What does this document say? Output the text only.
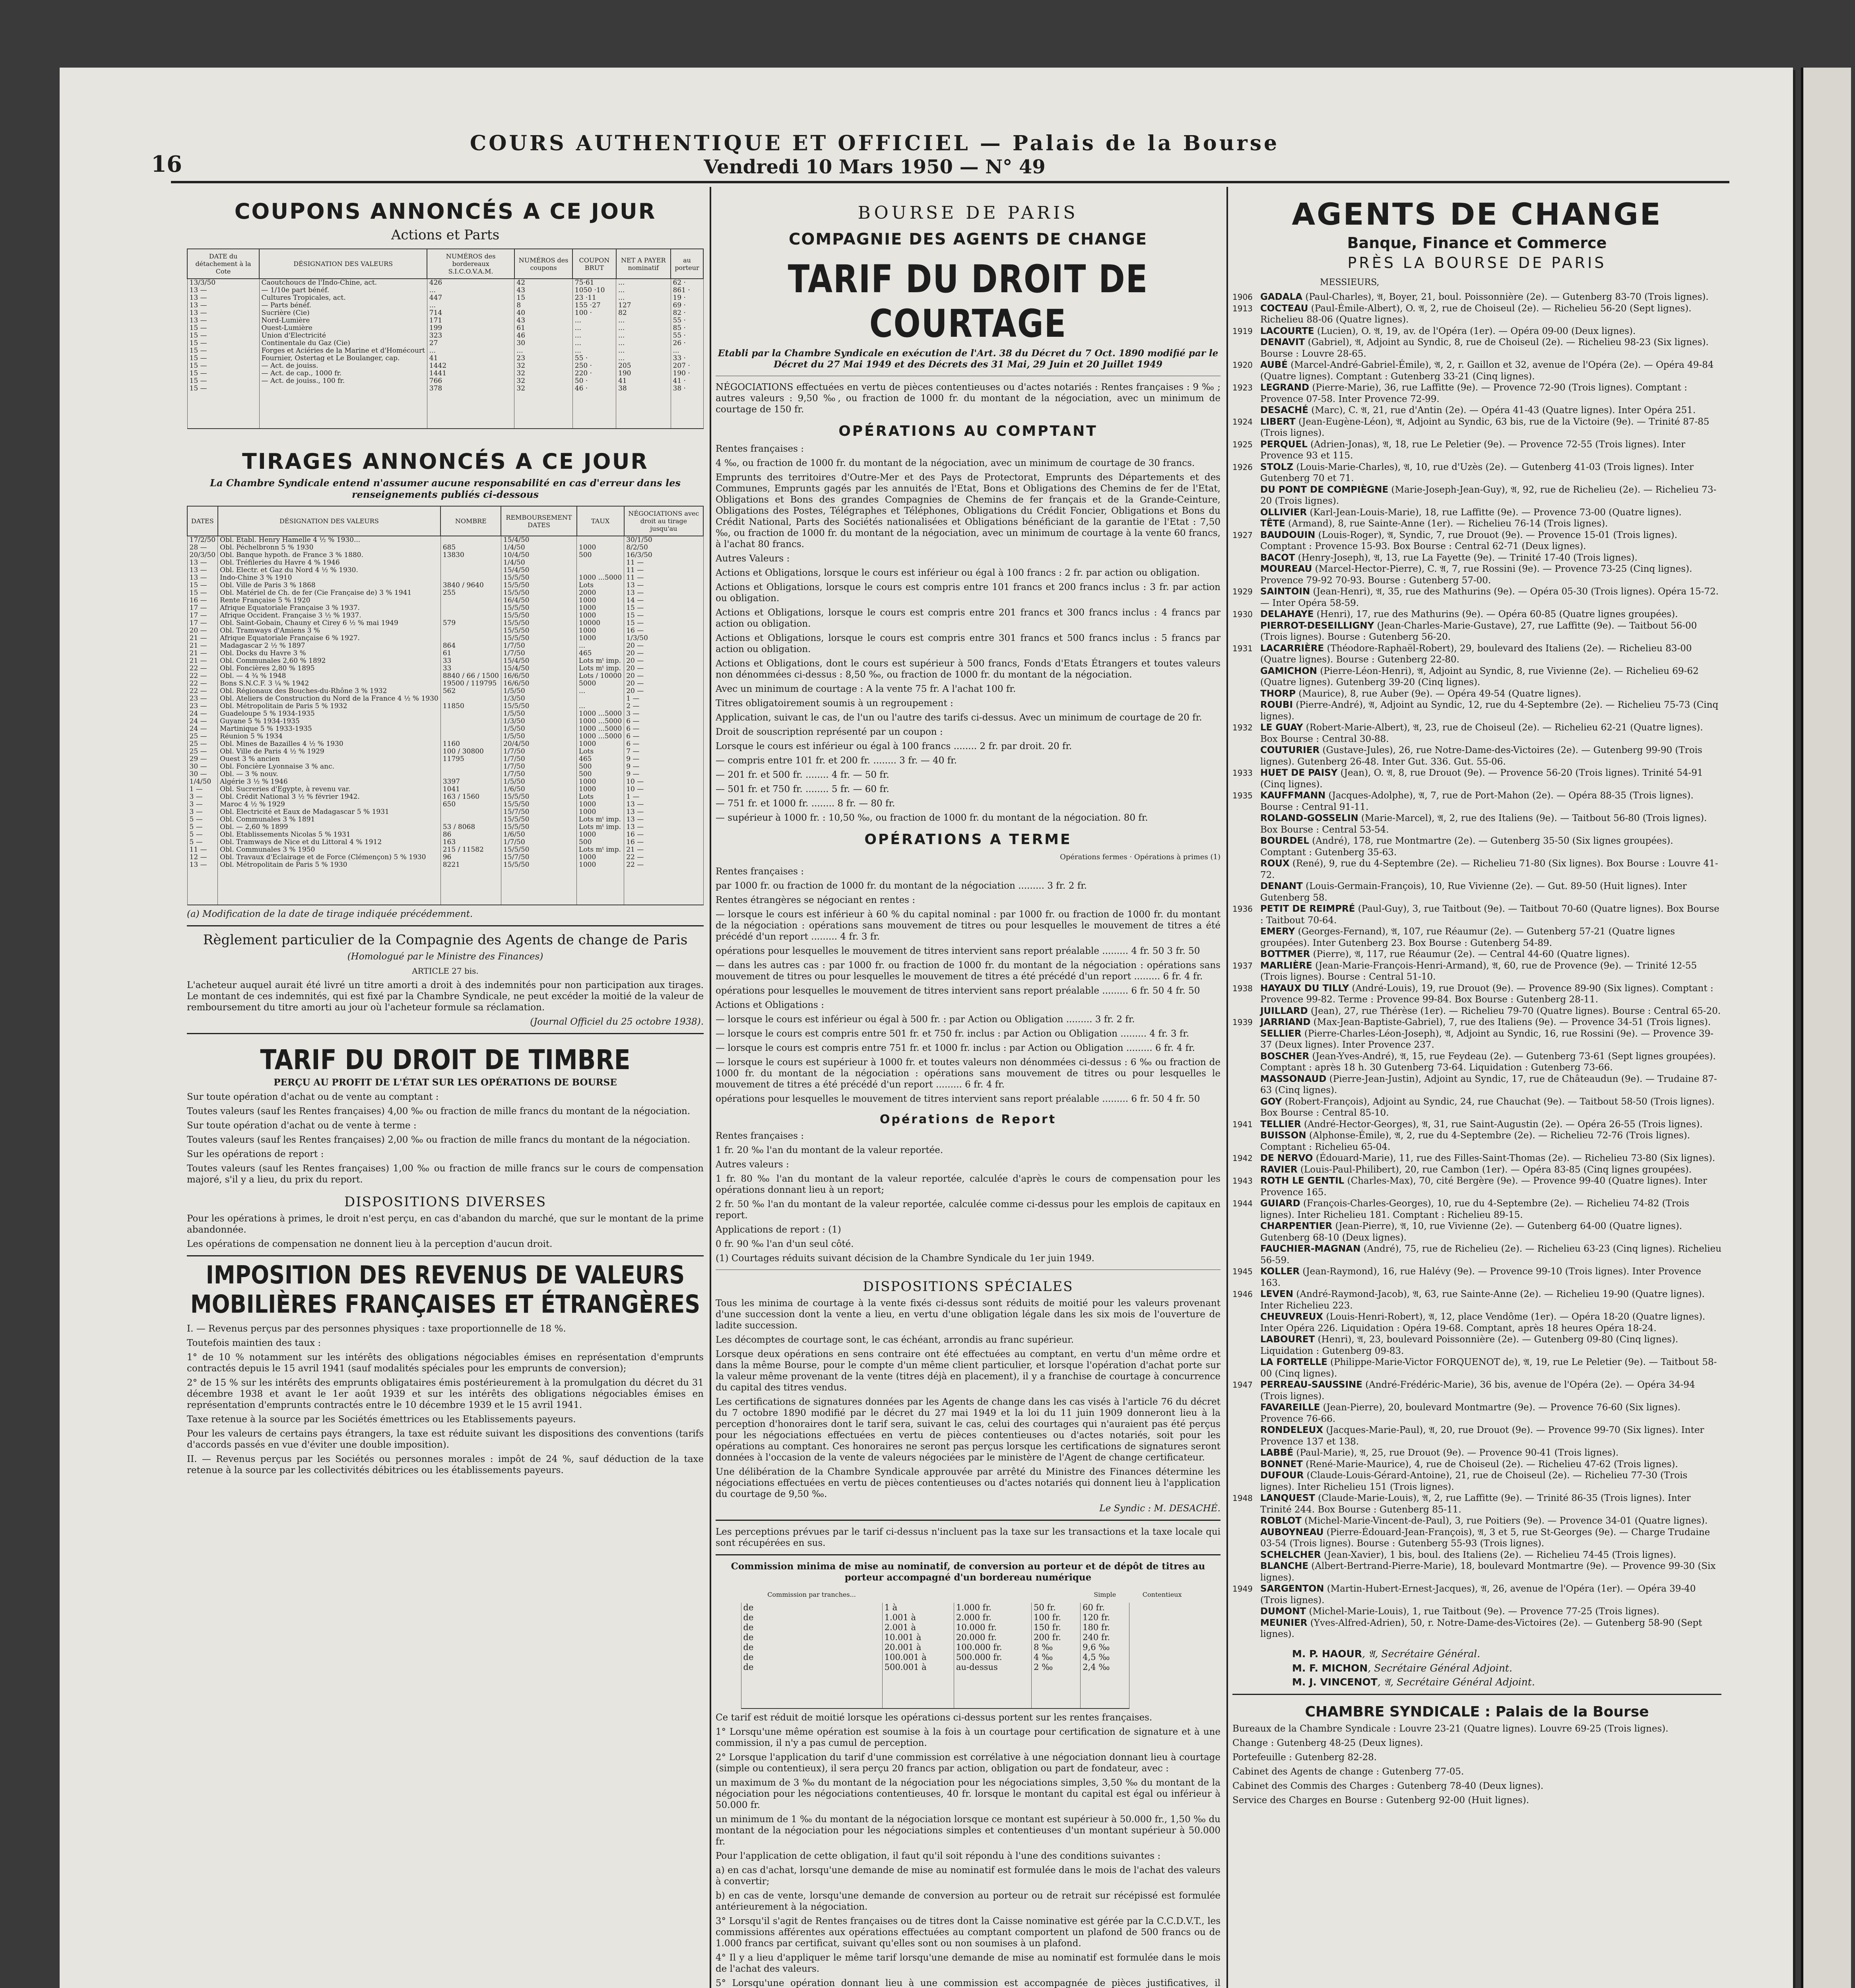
16
COURS AUTHENTIQUE ET OFFICIEL — Palais de la Bourse
Vendredi 10 Mars 1950 — N° 49
COUPONS ANNONCÉS A CE JOUR
Actions et Parts
DATE du détachement à la Cote	DÉSIGNATION DES VALEURS	NUMÉROS des bordereaux S.I.C.O.V.A.M.	NUMÉROS des coupons	COUPON BRUT	NET A PAYER nominatif	au porteur
13/3/50	Caoutchoucs de l'Indo-Chine, act.	426	42	75·61	...	62 ·
13 —	— 1/10e part bénéf.	...	43	1050 ·10	...	861 ·
13 —	Cultures Tropicales, act.	447	15	23 ·11	...	19 ·
13 —	— Parts bénéf.	...	8	155 ·27	127	69 ·
13 —	Sucrière (Cie)	714	40	100 ·	82	82 ·
13 —	Nord-Lumière	171	43	...	...	55 ·
15 —	Ouest-Lumière	199	61	...	...	85 ·
15 —	Union d'Électricité	323	46	...	...	55 ·
15 —	Continentale du Gaz (Cie)	27	30	...	...	26 ·
15 —	Forges et Aciéries de la Marine et d'Homécourt	...	...	...	...	...
15 —	Fournier, Ostertag et Le Boulanger, cap.	41	23	55 ·	...	33 ·
15 —	— Act. de jouiss.	1442	32	250 ·	205	207 ·
15 —	— Act. de cap., 1000 fr.	1441	32	220 ·	190	190 ·
15 —	— Act. de jouiss., 100 fr.	766	32	50 ·	41	41 ·
15 —		378	32	46 ·	38	38 ·
TIRAGES ANNONCÉS A CE JOUR
La Chambre Syndicale entend n'assumer aucune responsabilité en cas d'erreur dans les renseignements publiés ci-dessous
DATES	DÉSIGNATION DES VALEURS	NOMBRE	REMBOURSEMENT DATES	TAUX	NÉGOCIATIONS avec droit au tirage jusqu'au
17/2/50	Obl. Etabl. Henry Hamelle 4 ½ % 1930...		15/4/50		30/1/50
28 —	Obl. Péchelbronn 5 % 1930	685	1/4/50	1000	8/2/50
20/3/50	Obl. Banque hypoth. de France 3 % 1880.	13830	10/4/50	500	16/3/50
13 —	Obl. Tréfileries du Havre 4 % 1946		1/4/50		11 —
13 —	Obl. Electr. et Gaz du Nord 4 ½ % 1930.		15/4/50		11 —
13 —	Indo-Chine 3 % 1910		15/5/50	1000 ...5000	11 —
15 —	Obl. Ville de Paris 3 % 1868	3840 / 9640	15/5/50	Lots	13 —
15 —	Obl. Matériel de Ch. de fer (Cie Française de) 3 % 1941	255	15/5/50	2000	13 —
16 —	Rente Française 5 % 1920		16/4/50	1000	14 —
17 —	Afrique Equatoriale Française 3 % 1937.		15/5/50	1000	15 —
17 —	Afrique Occident. Française 3 ½ % 1937.		15/5/50	1000	15 —
17 —	Obl. Saint-Gobain, Chauny et Cirey 6 ½ % mai 1949	579	15/5/50	10000	15 —
20 —	Obl. Tramways d'Amiens 3 %		15/5/50	1000	16 —
21 —	Afrique Equatoriale Française 6 % 1927.		15/5/50	1000	1/3/50
21 —	Madagascar 2 ½ % 1897	864	1/7/50	...	20 —
21 —	Obl. Docks du Havre 3 %	61	1/7/50	465	20 —
21 —	Obl. Communales 2,60 % 1892	33	15/4/50	Lots mᵗ imp.	20 —
22 —	Obl. Foncières 2,80 % 1895	33	15/4/50	Lots mᵗ imp.	20 —
22 —	Obl. — 4 ¾ % 1948	8840 / 66 / 1500	16/6/50	Lots / 10000	20 —
22 —	Bons S.N.C.F. 3 ¼ % 1942	19500 / 119795	16/6/50	5000	20 —
22 —	Obl. Régionaux des Bouches-du-Rhône 3 % 1932	562	1/5/50	...	20 —
23 —	Obl. Ateliers de Construction du Nord de la France 4 ½ % 1930		1/3/50		1 —
23 —	Obl. Métropolitain de Paris 5 % 1932	11850	15/5/50	...	2 —
24 —	Guadeloupe 5 % 1934-1935		1/5/50	1000 ...5000	3 —
24 —	Guyane 5 % 1934-1935		1/3/50	1000 ...5000	6 —
24 —	Martinique 5 % 1933-1935		1/5/50	1000 ...5000	6 —
25 —	Réunion 5 % 1934		1/5/50	1000 ...5000	6 —
25 —	Obl. Mines de Bazailles 4 ½ % 1930	1160	20/4/50	1000	6 —
25 —	Obl. Ville de Paris 4 ½ % 1929	100 / 30800	1/7/50	Lots	7 —
29 —	Ouest 3 % ancien	11795	1/7/50	465	9 —
30 —	Obl. Foncière Lyonnaise 3 % anc.		1/7/50	500	9 —
30 —	Obl. — 3 % nouv.		1/7/50	500	9 —
1/4/50	Algérie 3 ½ % 1946	3397	1/5/50	1000	10 —
1 —	Obl. Sucreries d'Egypte, à revenu var.	1041	1/6/50	1000	10 —
3 —	Obl. Crédit National 3 ½ % février 1942.	163 / 1560	15/5/50	Lots	1 —
3 —	Maroc 4 ½ % 1929	650	15/5/50	1000	13 —
3 —	Obl. Electricité et Eaux de Madagascar 5 % 1931		15/7/50	1000	13 —
5 —	Obl. Communales 3 % 1891		15/5/50	Lots mᵗ imp.	13 —
5 —	Obl. — 2,60 % 1899	53 / 8068	15/5/50	Lots mᵗ imp.	13 —
5 —	Obl. Etablissements Nicolas 5 % 1931	86	1/6/50	1000	16 —
5 —	Obl. Tramways de Nice et du Littoral 4 % 1912	163	1/7/50	500	16 —
11 —	Obl. Communales 3 % 1950	215 / 11582	15/5/50	Lots mᵗ imp.	21 —
12 —	Obl. Travaux d'Eclairage et de Force (Clémençon) 5 % 1930	96	15/7/50	1000	22 —
13 —	Obl. Métropolitain de Paris 5 % 1930	8221	15/5/50	1000	22 —
(a) Modification de la date de tirage indiquée précédemment.
Règlement particulier de la Compagnie des Agents de change de Paris
(Homologué par le Ministre des Finances)
ARTICLE 27 bis.
L'acheteur auquel aurait été livré un titre amorti a droit à des indemnités pour non participation aux tirages. Le montant de ces indemnités, qui est fixé par la Chambre Syndicale, ne peut excéder la moitié de la valeur de remboursement du titre amorti au jour où l'acheteur formule sa réclamation.
(Journal Officiel du 25 octobre 1938).
TARIF DU DROIT DE TIMBRE
PERÇU AU PROFIT DE L'ÉTAT SUR LES OPÉRATIONS DE BOURSE
Sur toute opération d'achat ou de vente au comptant :
Toutes valeurs (sauf les Rentes françaises) 4,00 ‰ ou fraction de mille francs du montant de la négociation.
Sur toute opération d'achat ou de vente à terme :
Toutes valeurs (sauf les Rentes françaises) 2,00 ‰ ou fraction de mille francs du montant de la négociation.
Sur les opérations de report :
Toutes valeurs (sauf les Rentes françaises) 1,00 ‰ ou fraction de mille francs sur le cours de compensation majoré, s'il y a lieu, du prix du report.
DISPOSITIONS DIVERSES
Pour les opérations à primes, le droit n'est perçu, en cas d'abandon du marché, que sur le montant de la prime abandonnée.
Les opérations de compensation ne donnent lieu à la perception d'aucun droit.
IMPOSITION DES REVENUS DE VALEURS MOBILIÈRES FRANÇAISES ET ÉTRANGÈRES
I. — Revenus perçus par des personnes physiques : taxe proportionnelle de 18 %.
Toutefois maintien des taux :
1° de 10 % notamment sur les intérêts des obligations négociables émises en représentation d'emprunts contractés depuis le 15 avril 1941 (sauf modalités spéciales pour les emprunts de conversion);
2° de 15 % sur les intérêts des emprunts obligataires émis postérieurement à la promulgation du décret du 31 décembre 1938 et avant le 1er août 1939 et sur les intérêts des obligations négociables émises en représentation d'emprunts contractés entre le 10 décembre 1939 et le 15 avril 1941.
Taxe retenue à la source par les Sociétés émettrices ou les Etablissements payeurs.
Pour les valeurs de certains pays étrangers, la taxe est réduite suivant les dispositions des conventions (tarifs d'accords passés en vue d'éviter une double imposition).
II. — Revenus perçus par les Sociétés ou personnes morales : impôt de 24 %, sauf déduction de la taxe retenue à la source par les collectivités débitrices ou les établissements payeurs.
BOURSE DE PARIS
COMPAGNIE DES AGENTS DE CHANGE
TARIF DU DROIT DE COURTAGE
Etabli par la Chambre Syndicale en exécution de l'Art. 38 du Décret du 7 Oct. 1890 modifié par le Décret du 27 Mai 1949 et des Décrets des 31 Mai, 29 Juin et 20 Juillet 1949
NÉGOCIATIONS effectuées en vertu de pièces contentieuses ou d'actes notariés : Rentes françaises : 9 ‰ ; autres valeurs : 9,50 ‰, ou fraction de 1000 fr. du montant de la négociation, avec un minimum de courtage de 150 fr.
OPÉRATIONS AU COMPTANT
Rentes françaises :
4 ‰, ou fraction de 1000 fr. du montant de la négociation, avec un minimum de courtage de 30 francs.
Emprunts des territoires d'Outre-Mer et des Pays de Protectorat, Emprunts des Départements et des Communes, Emprunts gagés par les annuités de l'Etat, Bons et Obligations des Chemins de fer de l'Etat, Obligations et Bons des grandes Compagnies de Chemins de fer français et de la Grande-Ceinture, Obligations des Postes, Télégraphes et Téléphones, Obligations du Crédit Foncier, Obligations et Bons du Crédit National, Parts des Sociétés nationalisées et Obligations bénéficiant de la garantie de l'Etat : 7,50 ‰, ou fraction de 1000 fr. du montant de la négociation, avec un minimum de courtage à la vente 60 francs, à l'achat 80 francs.
Autres Valeurs :
Actions et Obligations, lorsque le cours est inférieur ou égal à 100 francs : 2 fr. par action ou obligation.
Actions et Obligations, lorsque le cours est compris entre 101 francs et 200 francs inclus : 3 fr. par action ou obligation.
Actions et Obligations, lorsque le cours est compris entre 201 francs et 300 francs inclus : 4 francs par action ou obligation.
Actions et Obligations, lorsque le cours est compris entre 301 francs et 500 francs inclus : 5 francs par action ou obligation.
Actions et Obligations, dont le cours est supérieur à 500 francs, Fonds d'Etats Étrangers et toutes valeurs non dénommées ci-dessus : 8,50 ‰, ou fraction de 1000 fr. du montant de la négociation.
Avec un minimum de courtage : A la vente 75 fr. A l'achat 100 fr.
Titres obligatoirement soumis à un regroupement :
Application, suivant le cas, de l'un ou l'autre des tarifs ci-dessus. Avec un minimum de courtage de 20 fr.
Droit de souscription représenté par un coupon :
Lorsque le cours est inférieur ou égal à 100 francs ........ 2 fr. par droit. 20 fr.
— compris entre 101 fr. et 200 fr. ........ 3 fr. — 40 fr.
— 201 fr. et 500 fr. ........ 4 fr. — 50 fr.
— 501 fr. et 750 fr. ........ 5 fr. — 60 fr.
— 751 fr. et 1000 fr. ........ 8 fr. — 80 fr.
— supérieur à 1000 fr. : 10,50 ‰, ou fraction de 1000 fr. du montant de la négociation. 80 fr.
OPÉRATIONS A TERME
Opérations fermes · Opérations à primes (1)
Rentes françaises :
par 1000 fr. ou fraction de 1000 fr. du montant de la négociation ......... 3 fr. 2 fr.
Rentes étrangères se négociant en rentes :
— lorsque le cours est inférieur à 60 % du capital nominal : par 1000 fr. ou fraction de 1000 fr. du montant de la négociation : opérations sans mouvement de titres ou pour lesquelles le mouvement de titres a été précédé d'un report ......... 4 fr. 3 fr.
opérations pour lesquelles le mouvement de titres intervient sans report préalable ......... 4 fr. 50 3 fr. 50
— dans les autres cas : par 1000 fr. ou fraction de 1000 fr. du montant de la négociation : opérations sans mouvement de titres ou pour lesquelles le mouvement de titres a été précédé d'un report ......... 6 fr. 4 fr.
opérations pour lesquelles le mouvement de titres intervient sans report préalable ......... 6 fr. 50 4 fr. 50
Actions et Obligations :
— lorsque le cours est inférieur ou égal à 500 fr. : par Action ou Obligation ......... 3 fr. 2 fr.
— lorsque le cours est compris entre 501 fr. et 750 fr. inclus : par Action ou Obligation ......... 4 fr. 3 fr.
— lorsque le cours est compris entre 751 fr. et 1000 fr. inclus : par Action ou Obligation ......... 6 fr. 4 fr.
— lorsque le cours est supérieur à 1000 fr. et toutes valeurs non dénommées ci-dessus : 6 ‰ ou fraction de 1000 fr. du montant de la négociation : opérations sans mouvement de titres ou pour lesquelles le mouvement de titres a été précédé d'un report ......... 6 fr. 4 fr.
opérations pour lesquelles le mouvement de titres intervient sans report préalable ......... 6 fr. 50 4 fr. 50
Opérations de Report
Rentes françaises :
1 fr. 20 ‰ l'an du montant de la valeur reportée.
Autres valeurs :
1 fr. 80 ‰ l'an du montant de la valeur reportée, calculée d'après le cours de compensation pour les opérations donnant lieu à un report;
2 fr. 50 ‰ l'an du montant de la valeur reportée, calculée comme ci-dessus pour les emplois de capitaux en report.
Applications de report : (1)
0 fr. 90 ‰ l'an d'un seul côté.
(1) Courtages réduits suivant décision de la Chambre Syndicale du 1er juin 1949.
DISPOSITIONS SPÉCIALES
Tous les minima de courtage à la vente fixés ci-dessus sont réduits de moitié pour les valeurs provenant d'une succession dont la vente a lieu, en vertu d'une obligation légale dans les six mois de l'ouverture de ladite succession.
Les décomptes de courtage sont, le cas échéant, arrondis au franc supérieur.
Lorsque deux opérations en sens contraire ont été effectuées au comptant, en vertu d'un même ordre et dans la même Bourse, pour le compte d'un même client particulier, et lorsque l'opération d'achat porte sur la valeur même provenant de la vente (titres déjà en placement), il y a franchise de courtage à concurrence du capital des titres vendus.
Les certifications de signatures données par les Agents de change dans les cas visés à l'article 76 du décret du 7 octobre 1890 modifié par le décret du 27 mai 1949 et la loi du 11 juin 1909 donneront lieu à la perception d'honoraires dont le tarif sera, suivant le cas, celui des courtages qui n'auraient pas été perçus pour les négociations effectuées en vertu de pièces contentieuses ou d'actes notariés, soit pour les opérations au comptant. Ces honoraires ne seront pas perçus lorsque les certifications de signatures seront données à l'occasion de la vente de valeurs négociées par le ministère de l'Agent de change certificateur.
Une délibération de la Chambre Syndicale approuvée par arrêté du Ministre des Finances détermine les négociations effectuées en vertu de pièces contentieuses ou d'actes notariés qui donnent lieu à l'application du courtage de 9,50 ‰.
Le Syndic : M. DESACHÉ.
Les perceptions prévues par le tarif ci-dessus n'incluent pas la taxe sur les transactions et la taxe locale qui sont récupérées en sus.
Commission minima de mise au nominatif, de conversion au porteur et de dépôt de titres au porteur accompagné d'un bordereau numérique
Commission par tranches...				Simple	Contentieux
de	1 à	1.000 fr.	50 fr.	60 fr.	
de	1.001 à	2.000 fr.	100 fr.	120 fr.	
de	2.001 à	10.000 fr.	150 fr.	180 fr.	
de	10.001 à	20.000 fr.	200 fr.	240 fr.	
de	20.001 à	100.000 fr.	8 ‰	9,6 ‰	
de	100.001 à	500.000 fr.	4 ‰	4,5 ‰	
de	500.001 à	au-dessus	2 ‰	2,4 ‰	
Ce tarif est réduit de moitié lorsque les opérations ci-dessus portent sur les rentes françaises.
1° Lorsqu'une même opération est soumise à la fois à un courtage pour certification de signature et à une commission, il n'y a pas cumul de perception.
2° Lorsque l'application du tarif d'une commission est corrélative à une négociation donnant lieu à courtage (simple ou contentieux), il sera perçu 20 francs par action, obligation ou part de fondateur, avec :
un maximum de 3 ‰ du montant de la négociation pour les négociations simples, 3,50 ‰ du montant de la négociation pour les négociations contentieuses, 40 fr. lorsque le montant du capital est égal ou inférieur à 50.000 fr.
un minimum de 1 ‰ du montant de la négociation lorsque ce montant est supérieur à 50.000 fr., 1,50 ‰ du montant de la négociation pour les négociations simples et contentieuses d'un montant supérieur à 50.000 fr.
Pour l'application de cette obligation, il faut qu'il soit répondu à l'une des conditions suivantes :
a) en cas d'achat, lorsqu'une demande de mise au nominatif est formulée dans le mois de l'achat des valeurs à convertir;
b) en cas de vente, lorsqu'une demande de conversion au porteur ou de retrait sur récépissé est formulée antérieurement à la négociation.
3° Lorsqu'il s'agit de Rentes françaises ou de titres dont la Caisse nominative est gérée par la C.C.D.V.T., les commissions afférentes aux opérations effectuées au comptant comportent un plafond de 500 francs ou de 1.000 francs par certificat, suivant qu'elles sont ou non soumises à un plafond.
4° Il y a lieu d'appliquer le même tarif lorsqu'une demande de mise au nominatif est formulée dans le mois de l'achat des valeurs.
5° Lorsqu'une opération donnant lieu à une commission est accompagnée de pièces justificatives, il
AGENTS DE CHANGE
Banque, Finance et Commerce
PRÈS LA BOURSE DE PARIS
MESSIEURS,
1906 GADALA (Paul-Charles), 𝔄, Boyer, 21, boul. Poissonnière (2e). — Gutenberg 83-70 (Trois lignes).
1913 COCTEAU (Paul-Émile-Albert), O. 𝔄, 2, rue de Choiseul (2e). — Richelieu 56-20 (Sept lignes). Richelieu 88-06 (Quatre lignes).
1919 LACOURTE (Lucien), O. 𝔄, 19, av. de l'Opéra (1er). — Opéra 09-00 (Deux lignes).
DENAVIT (Gabriel), 𝔄, Adjoint au Syndic, 8, rue de Choiseul (2e). — Richelieu 98-23 (Six lignes). Bourse : Louvre 28-65.
1920 AUBÉ (Marcel-André-Gabriel-Émile), 𝔄, 2, r. Gaillon et 32, avenue de l'Opéra (2e). — Opéra 49-84 (Quatre lignes). Comptant : Gutenberg 33-21 (Cinq lignes).
1923 LEGRAND (Pierre-Marie), 36, rue Laffitte (9e). — Provence 72-90 (Trois lignes). Comptant : Provence 07-58. Inter Provence 72-99.
DESACHÉ (Marc), C. 𝔄, 21, rue d'Antin (2e). — Opéra 41-43 (Quatre lignes). Inter Opéra 251.
1924 LIBERT (Jean-Eugène-Léon), 𝔄, Adjoint au Syndic, 63 bis, rue de la Victoire (9e). — Trinité 87-85 (Trois lignes).
1925 PERQUEL (Adrien-Jonas), 𝔄, 18, rue Le Peletier (9e). — Provence 72-55 (Trois lignes). Inter Provence 93 et 115.
1926 STOLZ (Louis-Marie-Charles), 𝔄, 10, rue d'Uzès (2e). — Gutenberg 41-03 (Trois lignes). Inter Gutenberg 70 et 71.
DU PONT DE COMPIÈGNE (Marie-Joseph-Jean-Guy), 𝔄, 92, rue de Richelieu (2e). — Richelieu 73-20 (Trois lignes).
OLLIVIER (Karl-Jean-Louis-Marie), 18, rue Laffitte (9e). — Provence 73-00 (Quatre lignes).
TÊTE (Armand), 8, rue Sainte-Anne (1er). — Richelieu 76-14 (Trois lignes).
1927 BAUDOUIN (Louis-Roger), 𝔄, Syndic, 7, rue Drouot (9e). — Provence 15-01 (Trois lignes). Comptant : Provence 15-93. Box Bourse : Central 62-71 (Deux lignes).
BACOT (Henry-Joseph), 𝔄, 13, rue La Fayette (9e). — Trinité 17-40 (Trois lignes).
MOUREAU (Marcel-Hector-Pierre), C. 𝔄, 7, rue Rossini (9e). — Provence 73-25 (Cinq lignes). Provence 79-92 70-93. Bourse : Gutenberg 57-00.
1929 SAINTOIN (Jean-Henri), 𝔄, 35, rue des Mathurins (9e). — Opéra 05-30 (Trois lignes). Opéra 15-72. — Inter Opéra 58-59.
1930 DELAHAYE (Henri), 17, rue des Mathurins (9e). — Opéra 60-85 (Quatre lignes groupées).
PIERROT-DESEILLIGNY (Jean-Charles-Marie-Gustave), 27, rue Laffitte (9e). — Taitbout 56-00 (Trois lignes). Bourse : Gutenberg 56-20.
1931 LACARRIÈRE (Théodore-Raphaël-Robert), 29, boulevard des Italiens (2e). — Richelieu 83-00 (Quatre lignes). Bourse : Gutenberg 22-80.
GAMICHON (Pierre-Léon-Henri), 𝔄, Adjoint au Syndic, 8, rue Vivienne (2e). — Richelieu 69-62 (Quatre lignes). Gutenberg 39-20 (Cinq lignes).
THORP (Maurice), 8, rue Auber (9e). — Opéra 49-54 (Quatre lignes).
ROUBI (Pierre-André), 𝔄, Adjoint au Syndic, 12, rue du 4-Septembre (2e). — Richelieu 75-73 (Cinq lignes).
1932 LE GUAY (Robert-Marie-Albert), 𝔄, 23, rue de Choiseul (2e). — Richelieu 62-21 (Quatre lignes). Box Bourse : Central 30-88.
COUTURIER (Gustave-Jules), 26, rue Notre-Dame-des-Victoires (2e). — Gutenberg 99-90 (Trois lignes). Gutenberg 26-48. Inter Gut. 336. Gut. 55-06.
1933 HUET DE PAISY (Jean), O. 𝔄, 8, rue Drouot (9e). — Provence 56-20 (Trois lignes). Trinité 54-91 (Cinq lignes).
1935 KAUFFMANN (Jacques-Adolphe), 𝔄, 7, rue de Port-Mahon (2e). — Opéra 88-35 (Trois lignes). Bourse : Central 91-11.
ROLAND-GOSSELIN (Marie-Marcel), 𝔄, 2, rue des Italiens (9e). — Taitbout 56-80 (Trois lignes). Box Bourse : Central 53-54.
BOURDEL (André), 178, rue Montmartre (2e). — Gutenberg 35-50 (Six lignes groupées). Comptant : Gutenberg 35-63.
ROUX (René), 9, rue du 4-Septembre (2e). — Richelieu 71-80 (Six lignes). Box Bourse : Louvre 41-72.
DENANT (Louis-Germain-François), 10, Rue Vivienne (2e). — Gut. 89-50 (Huit lignes). Inter Gutenberg 58.
1936 PETIT DE REIMPRÉ (Paul-Guy), 3, rue Taitbout (9e). — Taitbout 70-60 (Quatre lignes). Box Bourse : Taitbout 70-64.
EMERY (Georges-Fernand), 𝔄, 107, rue Réaumur (2e). — Gutenberg 57-21 (Quatre lignes groupées). Inter Gutenberg 23. Box Bourse : Gutenberg 54-89.
BOTTMER (Pierre), 𝔄, 117, rue Réaumur (2e). — Central 44-60 (Quatre lignes).
1937 MARLIÈRE (Jean-Marie-François-Henri-Armand), 𝔄, 60, rue de Provence (9e). — Trinité 12-55 (Trois lignes). Bourse : Central 51-10.
1938 HAYAUX DU TILLY (André-Louis), 19, rue Drouot (9e). — Provence 89-90 (Six lignes). Comptant : Provence 99-82. Terme : Provence 99-84. Box Bourse : Gutenberg 28-11.
JUILLARD (Jean), 27, rue Thérèse (1er). — Richelieu 79-70 (Quatre lignes). Bourse : Central 65-20.
1939 JARRIAND (Max-Jean-Baptiste-Gabriel), 7, rue des Italiens (9e). — Provence 34-51 (Trois lignes).
SELLIER (Pierre-Charles-Léon-Joseph), 𝔄, Adjoint au Syndic, 16, rue Rossini (9e). — Provence 39-37 (Deux lignes). Inter Provence 237.
BOSCHER (Jean-Yves-André), 𝔄, 15, rue Feydeau (2e). — Gutenberg 73-61 (Sept lignes groupées). Comptant : après 18 h. 30 Gutenberg 73-64. Liquidation : Gutenberg 73-66.
MASSONAUD (Pierre-Jean-Justin), Adjoint au Syndic, 17, rue de Châteaudun (9e). — Trudaine 87-63 (Cinq lignes).
GOY (Robert-François), Adjoint au Syndic, 24, rue Chauchat (9e). — Taitbout 58-50 (Trois lignes). Box Bourse : Central 85-10.
1941 TELLIER (André-Hector-Georges), 𝔄, 31, rue Saint-Augustin (2e). — Opéra 26-55 (Trois lignes).
BUISSON (Alphonse-Émile), 𝔄, 2, rue du 4-Septembre (2e). — Richelieu 72-76 (Trois lignes). Comptant : Richelieu 65-04.
1942 DE NERVO (Édouard-Marie), 11, rue des Filles-Saint-Thomas (2e). — Richelieu 73-80 (Six lignes).
RAVIER (Louis-Paul-Philibert), 20, rue Cambon (1er). — Opéra 83-85 (Cinq lignes groupées).
1943 ROTH LE GENTIL (Charles-Max), 70, cité Bergère (9e). — Provence 99-40 (Quatre lignes). Inter Provence 165.
1944 GUIARD (François-Charles-Georges), 10, rue du 4-Septembre (2e). — Richelieu 74-82 (Trois lignes). Inter Richelieu 181. Comptant : Richelieu 89-15.
CHARPENTIER (Jean-Pierre), 𝔄, 10, rue Vivienne (2e). — Gutenberg 64-00 (Quatre lignes). Gutenberg 68-10 (Deux lignes).
FAUCHIER-MAGNAN (André), 75, rue de Richelieu (2e). — Richelieu 63-23 (Cinq lignes). Richelieu 56-59.
1945 KOLLER (Jean-Raymond), 16, rue Halévy (9e). — Provence 99-10 (Trois lignes). Inter Provence 163.
1946 LEVEN (André-Raymond-Jacob), 𝔄, 63, rue Sainte-Anne (2e). — Richelieu 19-90 (Quatre lignes). Inter Richelieu 223.
CHEUVREUX (Louis-Henri-Robert), 𝔄, 12, place Vendôme (1er). — Opéra 18-20 (Quatre lignes). Inter Opéra 226. Liquidation : Opéra 19-68. Comptant, après 18 heures Opéra 18-24.
LABOURET (Henri), 𝔄, 23, boulevard Poissonnière (2e). — Gutenberg 09-80 (Cinq lignes). Liquidation : Gutenberg 09-83.
LA FORTELLE (Philippe-Marie-Victor FORQUENOT de), 𝔄, 19, rue Le Peletier (9e). — Taitbout 58-00 (Cinq lignes).
1947 PERREAU-SAUSSINE (André-Frédéric-Marie), 36 bis, avenue de l'Opéra (2e). — Opéra 34-94 (Trois lignes).
FAVAREILLE (Jean-Pierre), 20, boulevard Montmartre (9e). — Provence 76-60 (Six lignes). Provence 76-66.
RONDELEUX (Jacques-Marie-Paul), 𝔄, 20, rue Drouot (9e). — Provence 99-70 (Six lignes). Inter Provence 137 et 138.
LABBÉ (Paul-Marie), 𝔄, 25, rue Drouot (9e). — Provence 90-41 (Trois lignes).
BONNET (René-Marie-Maurice), 4, rue de Choiseul (2e). — Richelieu 47-62 (Trois lignes).
DUFOUR (Claude-Louis-Gérard-Antoine), 21, rue de Choiseul (2e). — Richelieu 77-30 (Trois lignes). Inter Richelieu 151 (Trois lignes).
1948 LANQUEST (Claude-Marie-Louis), 𝔄, 2, rue Laffitte (9e). — Trinité 86-35 (Trois lignes). Inter Trinité 244. Box Bourse : Gutenberg 85-11.
ROBLOT (Michel-Marie-Vincent-de-Paul), 3, rue Poitiers (9e). — Provence 34-01 (Quatre lignes).
AUBOYNEAU (Pierre-Édouard-Jean-François), 𝔄, 3 et 5, rue St-Georges (9e). — Charge Trudaine 03-54 (Trois lignes). Bourse : Gutenberg 55-93 (Trois lignes).
SCHELCHER (Jean-Xavier), 1 bis, boul. des Italiens (2e). — Richelieu 74-45 (Trois lignes).
BLANCHE (Albert-Bertrand-Pierre-Marie), 18, boulevard Montmartre (9e). — Provence 99-30 (Six lignes).
1949 SARGENTON (Martin-Hubert-Ernest-Jacques), 𝔄, 26, avenue de l'Opéra (1er). — Opéra 39-40 (Trois lignes).
DUMONT (Michel-Marie-Louis), 1, rue Taitbout (9e). — Provence 77-25 (Trois lignes).
MEUNIER (Yves-Alfred-Adrien), 50, r. Notre-Dame-des-Victoires (2e). — Gutenberg 58-90 (Sept lignes).
M. P. HAOUR, 𝔄, Secrétaire Général.
M. F. MICHON, Secrétaire Général Adjoint.
M. J. VINCENOT, 𝔄, Secrétaire Général Adjoint.
CHAMBRE SYNDICALE : Palais de la Bourse
Bureaux de la Chambre Syndicale : Louvre 23-21 (Quatre lignes). Louvre 69-25 (Trois lignes).
Change : Gutenberg 48-25 (Deux lignes).
Portefeuille : Gutenberg 82-28.
Cabinet des Agents de change : Gutenberg 77-05.
Cabinet des Commis des Charges : Gutenberg 78-40 (Deux lignes).
Service des Charges en Bourse : Gutenberg 92-00 (Huit lignes).
